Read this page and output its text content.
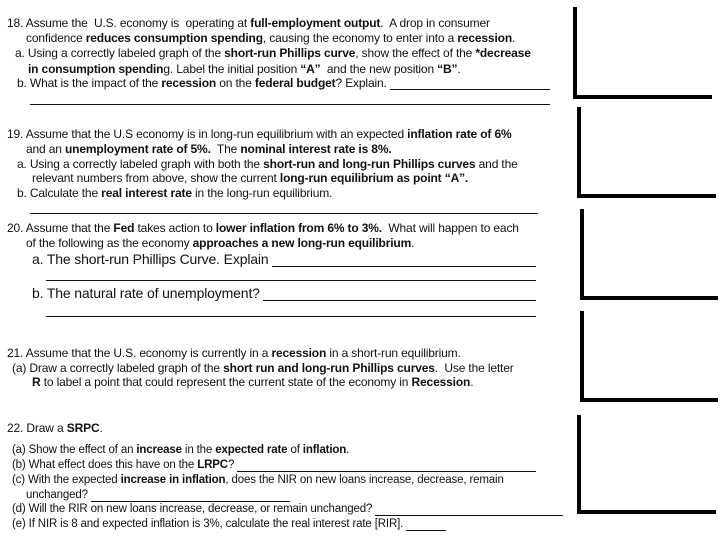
18. Assume the  U.S. economy is  operating at full-employment output .  A drop in consumer
confidence reduces consumption spending , causing the economy to enter into a recession .
a. Using a correctly labeled graph of the short-run Phillips curve , show the effect of the *decrease
in consumption spendin g. Label the initial position “A” and the new position “B” .
b. What is the impact of the recession on the federal budget ? Explain.
19. Assume that the U.S economy is in long-run equilibrium with an expected inflation rate of 6%
and an unemployment rate of 5%. The nominal interest rate is 8%.
a. Using a correctly labeled graph with both the short-run and long-run Phillips curves and the
relevant numbers from above, show the current long-run equilibrium as point “A”.
b. Calculate the real interest rate in the long-run equilibrium.
20. Assume that the Fed takes action to lower inflation from 6% to 3%. What will happen to each
of the following as the economy approaches a new long-run equilibrium .
a. The short-run Phillips Curve. Explain
b. The natural rate of unemployment?
21. Assume that the U.S. economy is currently in a recession in a short-run equilibrium.
(a) Draw a correctly labeled graph of the short run and long-run Phillips curves .  Use the letter
R to label a point that could represent the current state of the economy in Recession .
22. Draw a SRPC .
(a) Show the effect of an increase in the expected rate of inflation .
(b) What effect does this have on the LRPC ?
(c) With the expected increase in inflation , does the NIR on new loans increase, decrease, remain
unchanged?
(d) Will the RIR on new loans increase, decrease, or remain unchanged?
(e) If NIR is 8 and expected inflation is 3%, calculate the real interest rate [RIR].
